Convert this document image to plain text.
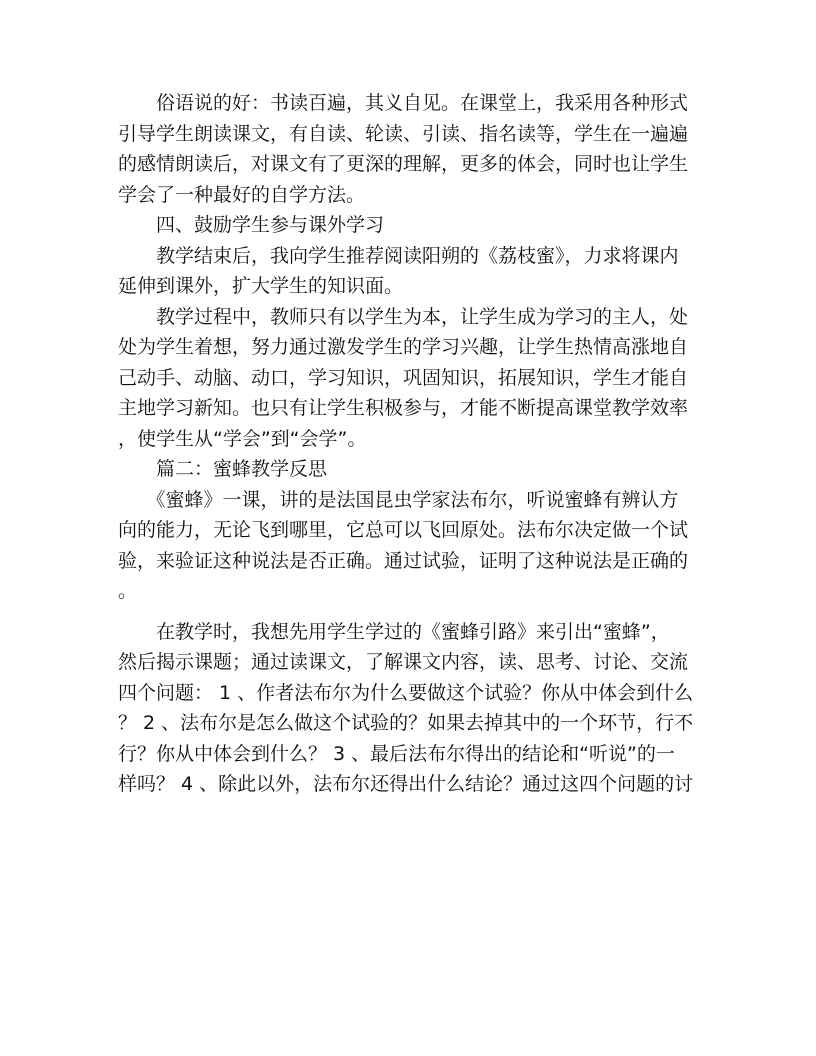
　　俗语说的好：书读百遍，其义自见。在课堂上，我采用各种形式
引导学生朗读课文，有自读、轮读、引读、指名读等，学生在一遍遍
的感情朗读后，对课文有了更深的理解，更多的体会，同时也让学生
学会了一种最好的自学方法。
　　四、鼓励学生参与课外学习
　　教学结束后，我向学生推荐阅读阳朔的《荔枝蜜》，力求将课内
延伸到课外，扩大学生的知识面。
　　教学过程中，教师只有以学生为本，让学生成为学习的主人，处
处为学生着想，努力通过激发学生的学习兴趣，让学生热情高涨地自
己动手、动脑、动口，学习知识，巩固知识，拓展知识，学生才能自
主地学习新知。也只有让学生积极参与，才能不断提高课堂教学效率
，使学生从“学会”到“会学”。
　　篇二：蜜蜂教学反思
　　《蜜蜂》一课，讲的是法国昆虫学家法布尔，听说蜜蜂有辨认方
向的能力，无论飞到哪里，它总可以飞回原处。法布尔决定做一个试
验，来验证这种说法是否正确。通过试验，证明了这种说法是正确的
。
　　在教学时，我想先用学生学过的《蜜蜂引路》来引出“蜜蜂”，
然后揭示课题；通过读课文，了解课文内容，读、思考、讨论、交流
四个问题： 1 、作者法布尔为什么要做这个试验？你从中体会到什么
？ 2 、法布尔是怎么做这个试验的？如果去掉其中的一个环节，行不
行？你从中体会到什么？ 3 、最后法布尔得出的结论和“听说”的一
样吗？ 4 、除此以外，法布尔还得出什么结论？通过这四个问题的讨
